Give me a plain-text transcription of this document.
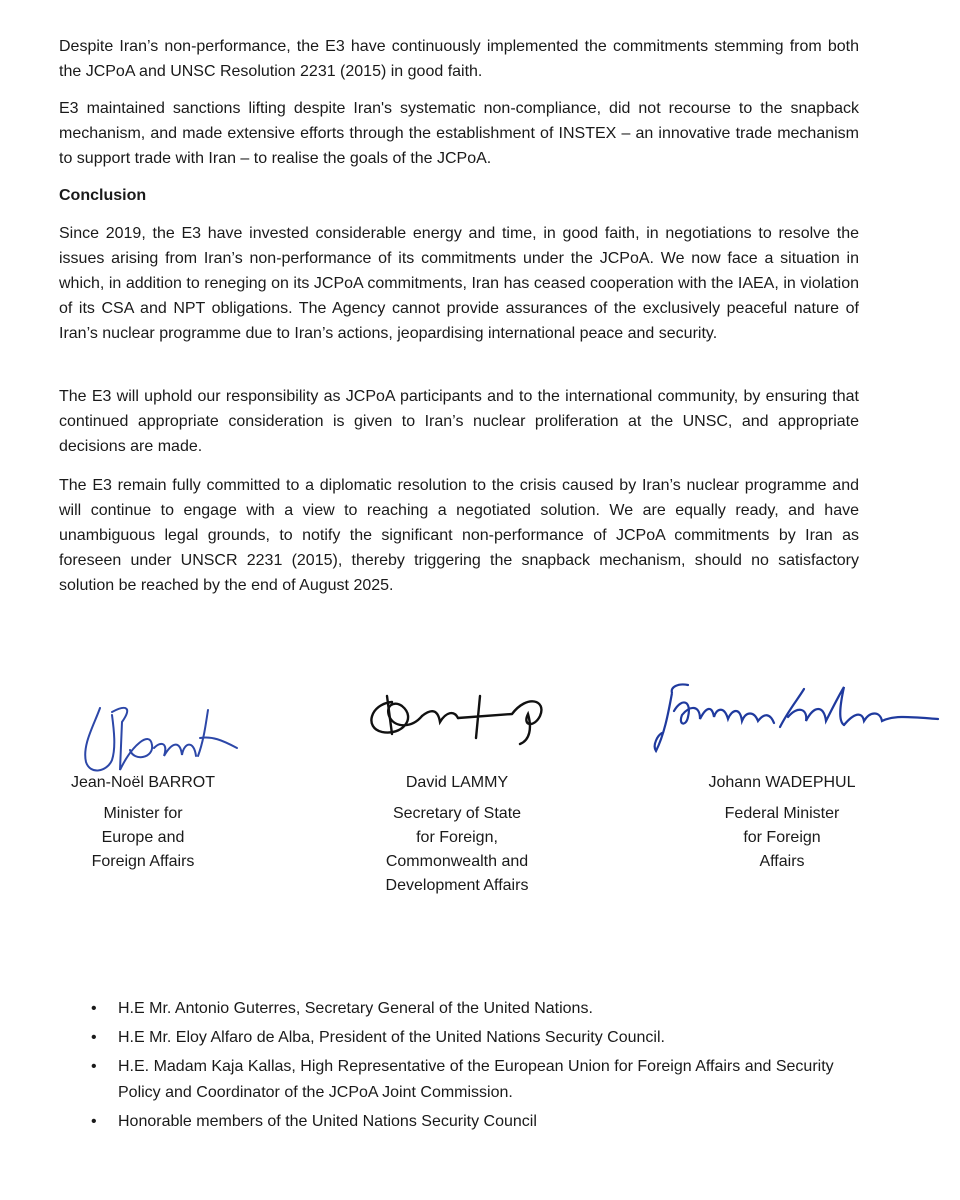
Despite Iran’s non-performance, the E3 have continuously implemented the commitments stemming from both the JCPoA and UNSC Resolution 2231 (2015) in good faith.

E3 maintained sanctions lifting despite Iran's systematic non-compliance, did not recourse to the snapback mechanism, and made extensive efforts through the establishment of INSTEX – an innovative trade mechanism to support trade with Iran – to realise the goals of the JCPoA.

Conclusion

Since 2019, the E3 have invested considerable energy and time, in good faith, in negotiations to resolve the issues arising from Iran’s non-performance of its commitments under the JCPoA. We now face a situation in which, in addition to reneging on its JCPoA commitments, Iran has ceased cooperation with the IAEA, in violation of its CSA and NPT obligations. The Agency cannot provide assurances of the exclusively peaceful nature of Iran’s nuclear programme due to Iran’s actions, jeopardising international peace and security.

The E3 will uphold our responsibility as JCPoA participants and to the international community, by ensuring that continued appropriate consideration is given to Iran’s nuclear proliferation at the UNSC, and appropriate decisions are made.

The E3 remain fully committed to a diplomatic resolution to the crisis caused by Iran’s nuclear programme and will continue to engage with a view to reaching a negotiated solution. We are equally ready, and have unambiguous legal grounds, to notify the significant non-performance of JCPoA commitments by Iran as foreseen under UNSCR 2231 (2015), thereby triggering the snapback mechanism, should no satisfactory solution be reached by the end of August 2025.

Jean-Noël BARROT
Minister for
Europe and
Foreign Affairs
David LAMMY
Secretary of State
for Foreign,
Commonwealth and
Development Affairs
Johann WADEPHUL
Federal Minister
for Foreign
Affairs
• H.E Mr. Antonio Guterres, Secretary General of the United Nations.
• H.E Mr. Eloy Alfaro de Alba, President of the United Nations Security Council.
• H.E. Madam Kaja Kallas, High Representative of the European Union for Foreign Affairs and Security Policy and Coordinator of the JCPoA Joint Commission.
• Honorable members of the United Nations Security Council
